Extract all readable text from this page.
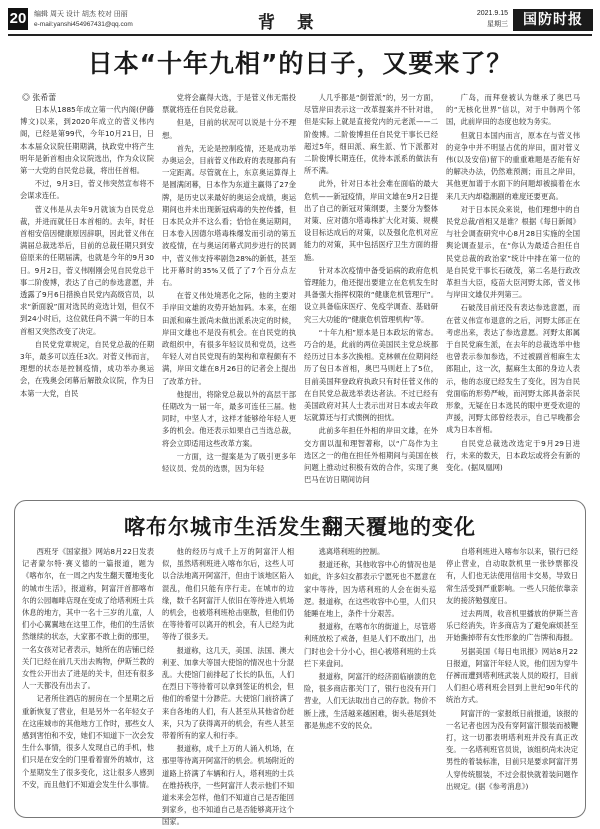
20 编辑 周天 设计 胡杰 校对 田丽
e-mail:yanshi454967431@qq.com	背 景	2021.9.15
星期三	国防时报
日本“十年九相”的日子，又要来了？
◎ 张希蕾

日本从1885年成立第一代内阁(伊藤博文)以来，到2020年成立的菅义伟内阁，已经是第99代，今年10月21日，日本本届众议院任期期满，执政党中将产生明年是新首相由众议院选出，作为众议院第一大党的自民党总裁，将出任首相。

不过，9月3日，菅义伟突然宣布将不会谋求连任。

菅义伟是从去年9月就该为自民党总裁，并进而就任日本首相的。去年，时任首相安倍因健康原因辞职，因此菅义伟在满届总裁选举后，目前的总裁任期只到安倍原来的任期届满，也就是今年的9月30日。9月2日，菅义伟刚刚会见自民党总干事二阶俊博，表达了自己的参选意愿，并透露了9月6日措换自民党内高级官员，以求“新面貌”面对选民的竞选计划，但仅不到24小时后，这位就任尚不满一年的日本首相又突然改变了决定。

自民党党章规定，自民党总裁的任期3年，最多可以连任3次。对菅义伟而言，理想的状态是控制疫情，成功举办奥运会，在残奥会闭幕后解散众议院，作为日本第一大党，自民

党将会赢得大选，于是菅义伟无需投票就将连任自民党总裁。

但是，目前的状况可以说是十分不理想。

首先，无论是控制疫情，还是成功举办奥运会，目前菅义伟政府的表现都尚有一定距离。尽管就在上，东京奥运算得上是圆满闭幕，日本作为东道主赢得了27金牌，是历史以来最好的奥运会成绩，奥运期间也并未出现新冠病毒的失控传播，但日本民众并不这么看；恰恰在奥运期间，日本卷入因德尔塔毒株爆发而引动的第五波疫情，在与奥运闭幕式同步进行的民调中，菅义伟支持率剧急28%的新低，甚至比开幕时的35%又低了了7个百分点左右。

在菅义伟处境恶化之际，他的主要对手岸田文雄的攻势开始加码。本来，在细田派和麻生派尚未做出派系决定的时候，岸田文雄也不是没有机会。在自民党的执政组织中，有很多年轻议员和党员，这些年轻人对自民党现有的架构和章程颇有不满，岸田文雄在8月26日的记者会上提出了改革方针。

他提出，将除党总裁以外的高层干部任期改为一届一年，最多可连任三届。他同时，中坚人才，这样才能够给年轻人更多的机会。他还表示如果自己当选总裁，将会立即适用这些改革方案。

一方面，这一提案是为了吸引更多年轻议员、党员的选票，因为年轻

人几乎都是“倒菅派”的，另一方面，尽管岸田表示这一改革提案并不针对谁，但是实际上就是直接党内的元老派——二阶俊博。二阶俊博担任自民党干事长已经超过5年，细田派、麻生派、竹下派都对二阶俊博长期连任，优待本派系的做法有所不满。

此外，针对日本社会难在面临的最大危机——新冠疫情，岸田文雄在9月2日提出了自己的新冠对策纲要，主要分为整体对策、应对德尔塔毒株扩大化对策、规模设目标达成后的对策，以及强化危机对应能力的对策，其中包括医疗卫生方面的措施。

针对本次疫情中备受诟病的政府危机管理能力，他还提出要建立在危机发生时具备强大指挥权限的“健康危机管理厅”。设立具备临床医疗、免疫学调查、基础研究三大功能的“健康危机管理机构”等。

“十年九相”原本是日本政坛的常态。巧合的是，此前的两位美国民主党总统都经历过日本多次换相。克林顿在位期间经历了包日本首相，奥巴马则赶上了5位，目前美国拜登政府执政只有时任菅义伟的在自民党总裁选举表达者法。不过已经有美国政府对其人士表示出对日本或去年政坛就算还与打式惯例的担忧。

此前多年担任外相的岸田文雄，在外交方面以温和理智著称，以“广岛作为主选区之一的他在担任外相期间与美国在核问题上推动过积极有效的合作，实现了奥巴马在访日期间访问

广岛，而拜登被认为继承了奥巴马的“无核化世界”信以，对于中韩两个邻国，此前岸田的态度也较为务实。

但就日本国内而言，原本在与菅义伟的竞争中并不明显占优的岸田，面对菅义伟(以及安倍)留下的重重难题是否能有好的解决办法，仍然难预测；而且之岸田，其他更加谱于水面下的问题却被搞着在水来几天内却稳潮剧的难度还要更高。

对于日本民众来说，他们理想中的自民党总裁/首相又是谁？根据《每日新闻》与社会调查研究中心8月28日实施的全国舆论调查显示，在“你认为最适合担任自民党总裁的政治家”统计中排在第一位的是自民党干事长石破茂，第二名是行政改革担当大臣，疫苗大臣河野太郎，菅义伟与岸田文雄仅并列第三。

石破茂目前还没有表达参选意愿，而在菅义伟宣布退意的之后，河野太郎正在考虑出来，表达了参选意愿。河野太郎属于自民党麻生派，在去年的总裁选举中他也曾表示参加参选，不过被副首相麻生太郎阻止，这一次，据麻生太郎的身边人表示，他的态度已经发生了变化，因为自民党面临的形势严峻，而河野太郎具备亲民形象，无疑在日本选民的眼中更受欢迎的声援，河野太郎曾经表示，自己早晚都会成为日本首相。

自民党总裁选改选定于9月29日进行，未来的数天，日本政坛或将会有新的变化。(据凤凰网)

喀布尔城市生活发生翻天覆地的变化

西班牙《国家报》网站8月22日发表记者蒙尔特·赛义德的一篇报道，题为《喀布尔，在一周之内发生翻天覆地变化的城市生活》，报道称，阿富汗首都喀布尔的公园咖啡店现在变成了给塔利班士兵休息的地方，其中一名十三岁的儿童，人们小心翼翼地在这里工作，他们的生活依然继续的状态，大家都不敢上街的那里，一名女孩对记者表示，她所在的店铺已经关门已经在前几天出去购物，伊斯兰教的女性公开出去了进是的关卡，但还有很多人一天都没有出去了。

记者所住酒店的厨房在一个星期之后重新恢复了营业，但是另外一名年轻女子在这座城市的其他地方工作时，那些女人感到害怕和不安，她们不知道下一次会发生什么事情，很多人发现自己的手机，他们只是在安全的门里看着窗外的城市，这个星期发生了很多变化，这让很多人感到不安，而且他们不知道会发生什么事情。

他的经历与成千上万的阿富汗人相似，虽然塔利班进入喀布尔后，这些人可以合法地离开阿富汗，但由于该地区陷入混乱，他们只能有序行走。在城市的边缘，数千名阿富汗人依旧在等待进入机场的机会，也被塔利班枪击驱散，但他们仍在等待着可以离开的机会，有人已经为此等待了很多天。

报道称，这几天，美国、法国、澳大利亚、加拿大等国大使馆的情况也十分混乱。大使馆门前排起了长长的队伍，人们在烈日下等待着可以拿到签证的机会，但他们的希望十分渺茫。大使馆门前挤满了来自各地的人们，有人甚至从其他省份赶来，只为了获得离开的机会，有些人甚至带着所有的家人和行李。

报道称，成千上万的人涌入机场，在那里等待离开阿富汗的机会。机场附近的道路上挤满了车辆和行人，塔利班的士兵在维持秩序，一些阿富汗人表示他们不知道未来会怎样，他们不知道自己是否能回到家乡，也不知道自己是否能够离开这个国家。

逃离塔利班的控制。

报道还称，其他收容中心的情况也是如此，许多妇女都表示宁愿死也不愿意在家中等待，因为塔利班的人会在街头巡逻。报道称，在这些收容中心里，人们只能睡在地上，条件十分艰苦。

报道称，在喀布尔的街道上，尽管塔利班放松了戒备，但是人们不敢出门，出门时也会十分小心，担心被塔利班的士兵拦下来盘问。

报道称，阿富汗的经济面临崩溃的危险，很多商店都关门了，银行也没有开门营业，人们无法取出自己的存款。物价不断上涨，生活越来越困难，街头巷尾到处都是焦虑不安的民众。

自塔利班进入喀布尔以来，银行已经停止营业，自动取款机里一张钞票都没有，人们也无法使用信用卡交易，导致日常生活受到严重影响。一些人只能依靠亲友的接济勉强度日。

过去两周，收音机里播放的伊斯兰音乐已经消失，许多商店为了避免麻烦甚至开始撕掉带有女性形象的广告牌和海报。

另据美国《每日电讯报》网站8月22日报道，阿富汗年轻人说，他们因为穿牛仔裤而遭到塔利班武装人员的殴打，目前人们担心塔利班会回到上世纪90年代的统治方式。

阿富汗的一家报纸日前报道，该报的一名记者也因为没有穿阿富汗服装而被鞭打，这一切都表明塔利班并没有真正改变。一名塔利班官员说，该组织尚未决定男性的着装标准，目前只是要求阿富汗男人穿传统服装，不过会很快就着装问题作出规定。(据《参考消息》)
